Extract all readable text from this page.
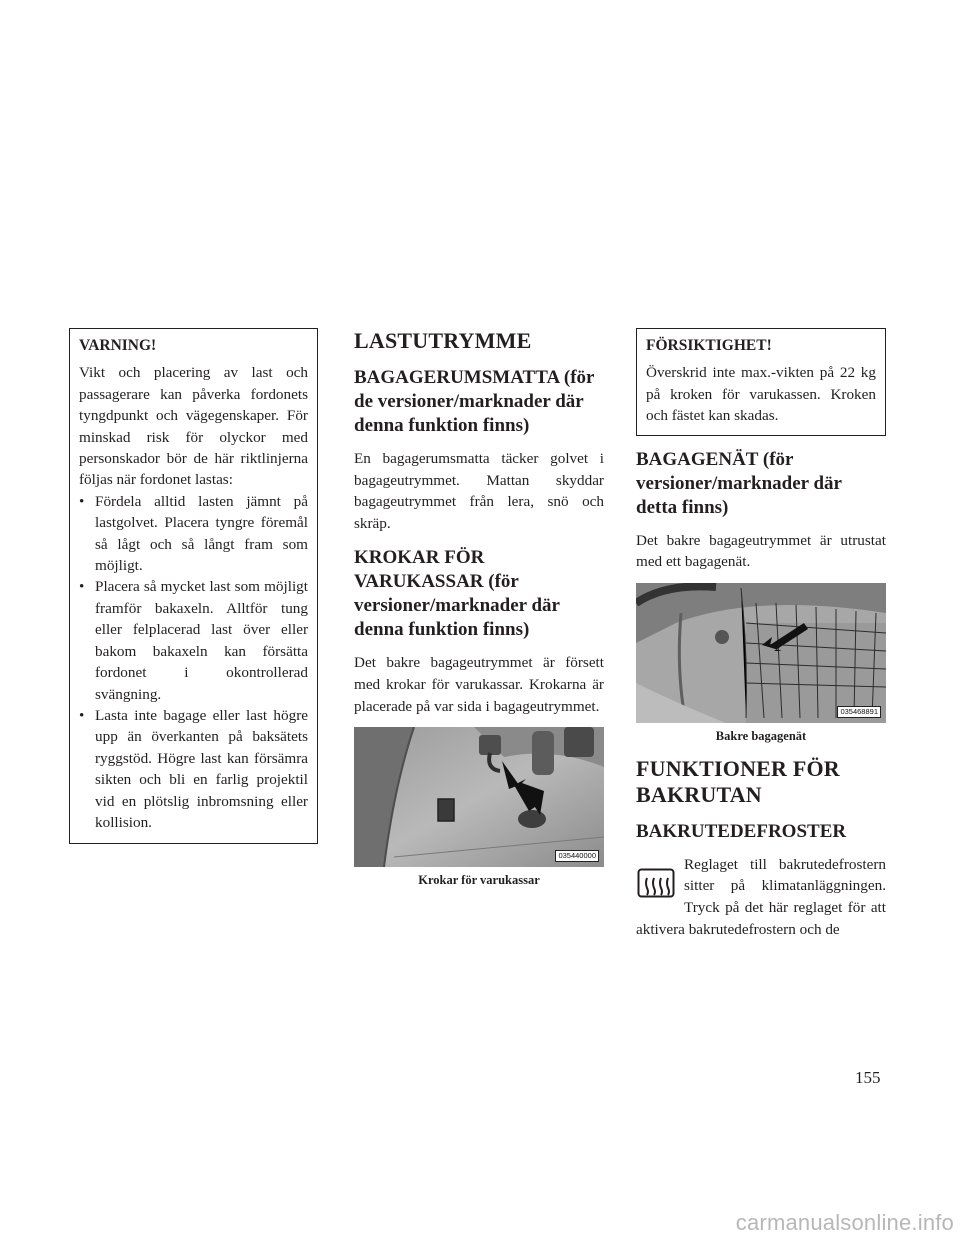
VARNING!
Vikt och placering av last och passagerare kan påverka fordonets tyngdpunkt och vägegenskaper. För minskad risk för olyckor med personskador bör de här riktlinjerna följas när fordonet lastas:
• Fördela alltid lasten jämnt på lastgolvet. Placera tyngre föremål så lågt och så långt fram som möjligt.
• Placera så mycket last som möjligt framför bakaxeln. Alltför tung eller felplacerad last över eller bakom bakaxeln kan försätta fordonet i okontrollerad svängning.
• Lasta inte bagage eller last högre upp än överkanten på baksätets ryggstöd. Högre last kan försämra sikten och bli en farlig projektil vid en plötslig inbromsning eller kollision.
LASTUTRYMME
BAGAGERUMSMATTA (för de versioner/marknader där denna funktion finns)

En bagagerumsmatta täcker golvet i bagageutrymmet. Mattan skyddar bagageutrymmet från lera, snö och skräp.

KROKAR FÖR VARUKASSAR (för versioner/marknader där denna funktion finns)

Det bakre bagageutrymmet är försett med krokar för varukassar. Krokarna är placerade på var sida i bagageutrymmet.

035440000
Krokar för varukassar
FÖRSIKTIGHET!
Överskrid inte max.-vikten på 22 kg på kroken för varukassen. Kroken och fästet kan skadas.
BAGAGENÄT (för versioner/marknader där detta finns)

Det bakre bagageutrymmet är utrustat med ett bagagenät.

035468891
Bakre bagagenät
FUNKTIONER FÖR BAKRUTAN
BAKRUTEDEFROSTER

Reglaget till bakrutedefrostern sitter på klimatanläggningen. Tryck på det här reglaget för att aktivera bakrutedefrostern och de

155
carmanualsonline.info
